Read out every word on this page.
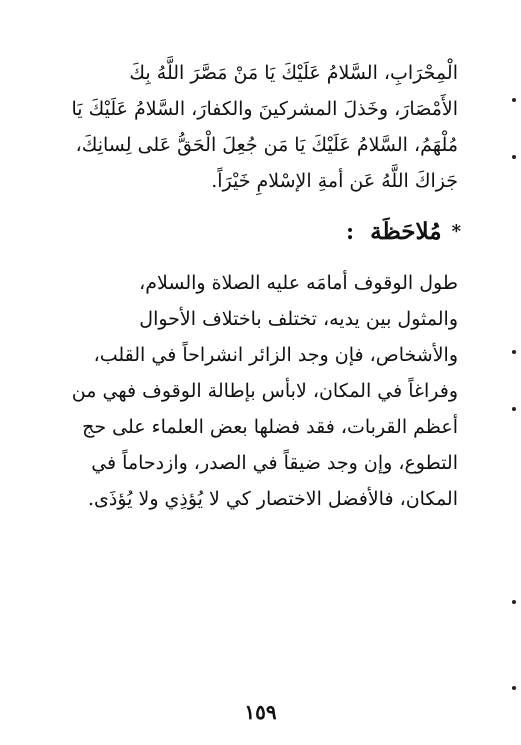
الْمِحْرَابِ، السَّلامُ عَلَيْكَ يَا مَنْ مَصَّرَ اللَّهُ بِكَ
الأَمْصَارَ، وخَذلَ المشركينَ والكفارَ، السَّلامُ عَلَيْكَ يَا
مُلْهَمُ، السَّلامُ عَلَيْكَ يَا مَن جُعِلَ الْحَقُّ عَلى لِسانِكَ،
جَزاكَ اللَّهُ عَن أمةِ الإسْلامِ خَيْرَاً.
*
مُلاحَظَة
:
طول الوقوف أمامَه عليه الصلاة والسلام،
والمثول بين يديه، تختلف باختلاف الأحوال
والأشخاص، فإن وجد الزائر انشراحاً في القلب،
وفراغاً في المكان، لابأس بإطالة الوقوف فهي من
أعظم القربات، فقد فضلها بعض العلماء على حج
التطوع، وإن وجد ضيقاً في الصدر، وازدحاماً في
المكان، فالأفضل الاختصار كي لا يُؤذِي ولا يُؤذَى.
١٥٩
